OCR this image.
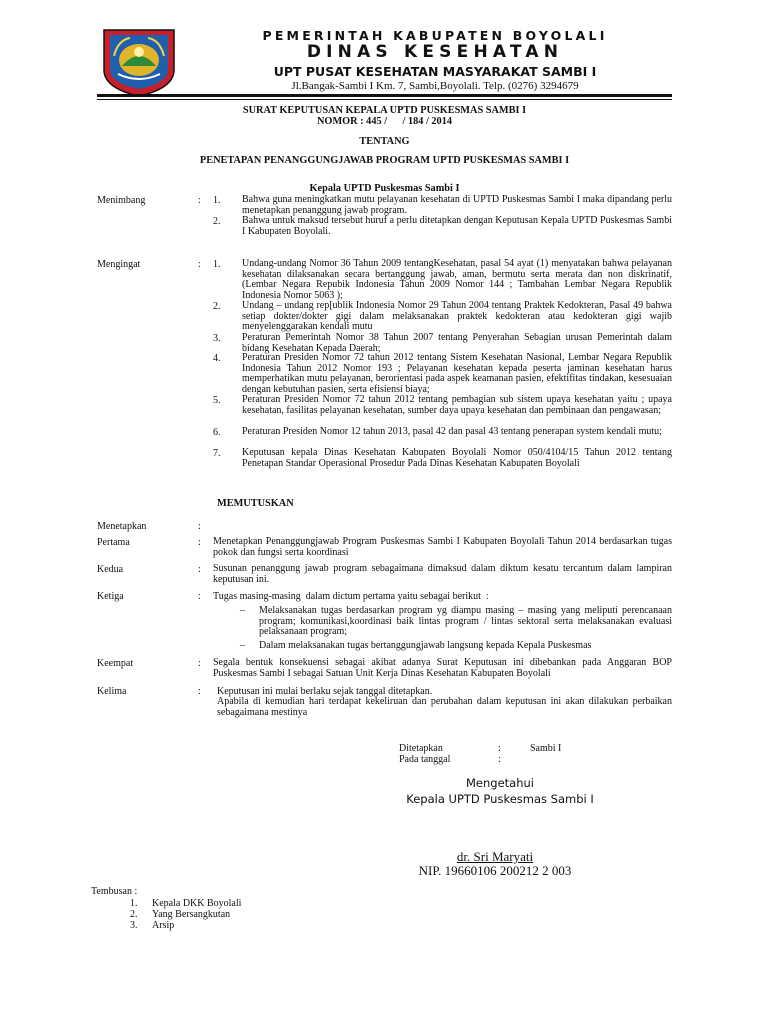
PEMERINTAH KABUPATEN BOYOLALI
DINAS KESEHATAN
UPT PUSAT KESEHATAN MASYARAKAT SAMBI I
Jl.Bangak-Sambi I Km. 7, Sambi,Boyolali. Telp. (0276) 3294679
SURAT KEPUTUSAN KEPALA UPTD PUSKESMAS SAMBI I
NOMOR : 445 /      / 184 / 2014
TENTANG
PENETAPAN PENANGGUNGJAWAB PROGRAM UPTD PUSKESMAS SAMBI I
Kepala UPTD Puskesmas Sambi I
Menimbang	: 1. Bahwa guna meningkatkan mutu pelayanan kesehatan di UPTD Puskesmas Sambi I maka dipandang perlu menetapkan penanggung jawab program.

2. Bahwa untuk maksud tersebut huruf a perlu ditetapkan dengan Keputusan Kepala UPTD Puskesmas Sambi I Kabupaten Boyolali.

Mengingat	: 1. Undang-undang Nomor 36 Tahun 2009 tentangKesehatan, pasal 54 ayat (1) menyatakan bahwa pelayanan kesehatan dilaksanakan secara bertanggung jawab, aman, bermutu serta merata dan non diskrinatif, (Lembar Negara Repubik Indonesia Tahun 2009 Nomor 144 ; Tambahan Lembar Negara Republik Indonesia Nomor 5063 );

2. Undang – undang rep[ublik Indonesia Nomor 29 Tahun 2004 tentang Praktek Kedokteran, Pasal 49 bahwa setiap dokter/dokter gigi dalam melaksanakan praktek kedokteran atau kedokteran gigi wajib menyelenggarakan kendali mutu

3. Peraturan Pemerintah Nomor 38 Tahun 2007 tentang Penyerahan Sebagian urusan Pemerintah dalam bidang Kesehatan Kepada Daerah;

4. Peraturan Presiden Nomor 72 tahun 2012 tentang Sistem Kesehatan Nasional, Lembar Negara Republik Indonesia Tahun 2012 Nomor 193 ; Pelayanan kesehatan kepada peserta jaminan kesehatan harus memperhatikan mutu pelayanan, berorientasi pada aspek keamanan pasien, efektifitas tindakan, kesesuaian dengan kebutuhan pasien, serta efisiensi biaya;

5. Peraturan Presiden Nomor 72 tahun 2012 tentang pembagian sub sistem upaya kesehatan yaitu ; upaya kesehatan, fasilitas pelayanan kesehatan, sumber daya upaya kesehatan dan pembinaan dan pengawasan;

6. Peraturan Presiden Nomor 12 tahun 2013, pasal 42 dan pasal 43 tentang penerapan system kendali mutu;

7. Keputusan kepala Dinas Kesehatan Kabupaten Boyolali Nomor 050/4104/15 Tahun 2012 tentang Penetapan Standar Operasional Prosedur Pada Dinas Kesehatan Kabupaten Boyolali

MEMUTUSKAN
Menetapkan	:
Pertama	: Menetapkan Penanggungjawab Program Puskesmas Sambi I Kabupaten Boyolali Tahun 2014 berdasarkan tugas pokok dan fungsi serta koordinasi

Kedua	: Susunan penanggung jawab program sebagaimana dimaksud dalam diktum kesatu tercantum dalam lampiran keputusan ini.

Ketiga	: Tugas masing-masing  dalam dictum pertama yaitu sebagai berikut  :
– Melaksanakan tugas berdasarkan program yg diampu masing – masing yang meliputi perencanaan program; komunikasi,koordinasi baik lintas program / lintas sektoral serta melaksanakan evaluasi pelaksanaan program;

– Dalam melaksanakan tugas bertanggungjawab langsung kepada Kepala Puskesmas

Keempat	: Segala bentuk konsekuensi sebagai akibat adanya Surat Keputusan ini dibebankan pada Anggaran BOP Puskesmas Sambi I sebagai Satuan Unit Kerja Dinas Kesehatan Kabupaten Boyolali

Kelima	: Keputusan ini mulai berlaku sejak tanggal ditetapkan.

Apabila di kemudian hari terdapat kekeliruan dan perubahan dalam keputusan ini akan dilakukan perbaikan sebagaimana mestinya

Ditetapkan	:	Sambi I
Pada tanggal	:
Mengetahui
Kepala UPTD Puskesmas Sambi I
dr. Sri Maryati
NIP. 19660106 200212 2 003
Tembusan :
1. Kepala DKK Boyolali
2. Yang Bersangkutan
3. Arsip
